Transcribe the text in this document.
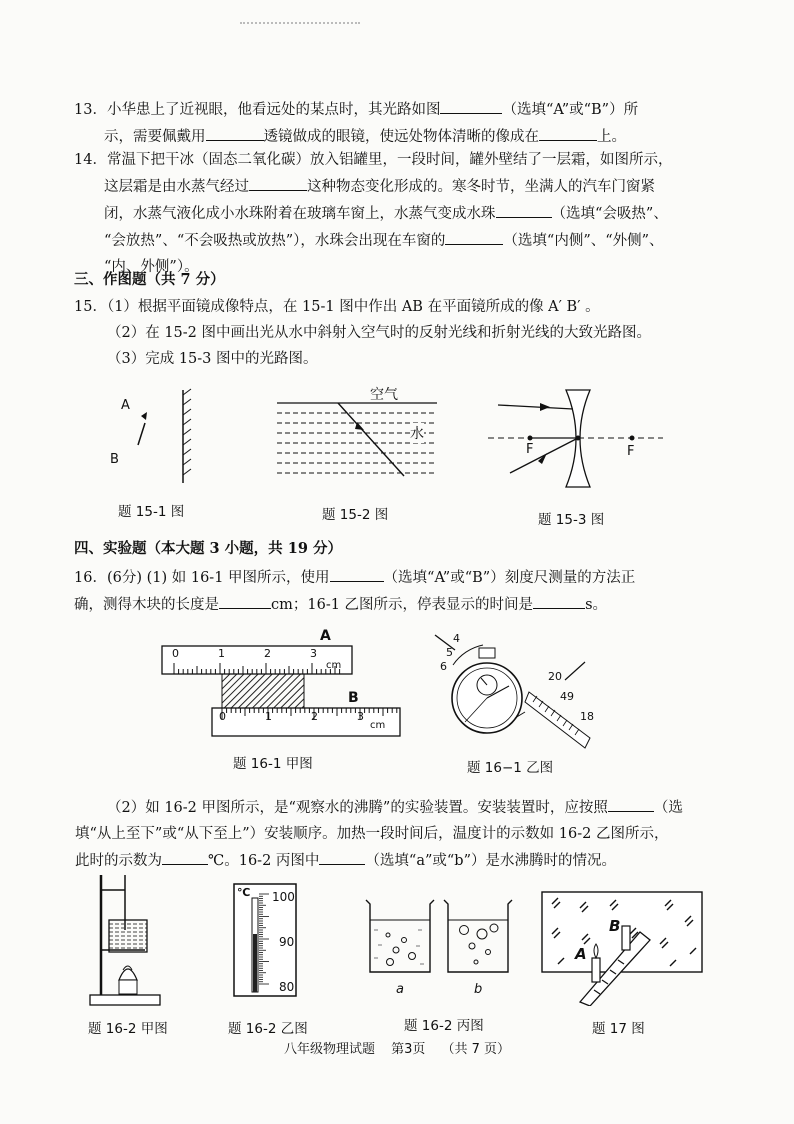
13．小华患上了近视眼，他看远处的某点时，其光路如图	（选填“A”或“B”）所
示，需要佩戴用	透镜做成的眼镜，使远处物体清晰的像成在	上。
14．常温下把干冰（固态二氧化碳）放入铝罐里，一段时间，罐外壁结了一层霜，如图所示，
这层霜是由水蒸气经过	这种物态变化形成的。寒冬时节，坐满人的汽车门窗紧
闭，水蒸气液化成小水珠附着在玻璃车窗上，水蒸气变成水珠	（选填“会吸热”、
“会放热”、“不会吸热或放热”），水珠会出现在车窗的	（选填“内侧”、“外侧”、
“内、外侧”）。
三、作图题（共 7 分）
15．（1）根据平面镜成像特点，在 15-1 图中作出 AB 在平面镜所成的像 A′ B′ 。
（2）在 15-2 图中画出光从水中斜射入空气时的反射光线和折射光线的大致光路图。
（3）完成 15-3 图中的光路图。
A
B
题 15-1 图
空气
水
题 15-2 图
F	F
题 15-3 图
四、实验题（本大题 3 小题，共 19 分）
16．(6分) (1) 如 16-1 甲图所示，使用	（选填“A”或“B”）刻度尺测量的方法正
确，测得木块的长度是	cm；16-1 乙图所示，停表显示的时间是	s。
A
B
0	1	2	3
cm
0	1	2	3
cm
题 16-1 甲图
4
5
6
20
49
18
题 16−1 乙图
（2）如 16-2 甲图所示，是“观察水的沸腾”的实验装置。安装装置时，应按照	（选
填“从上至下”或“从下至上”）安装顺序。加热一段时间后，温度计的示数如 16-2 乙图所示，
此时的示数为	℃。16-2 丙图中	（选填“a”或“b”）是水沸腾时的情况。
题 16-2 甲图
℃ 100
90
80
题 16-2 乙图
a	b
题 16-2 丙图
A
B
题 17 图
八年级物理试题 第3页 （共 7 页）
